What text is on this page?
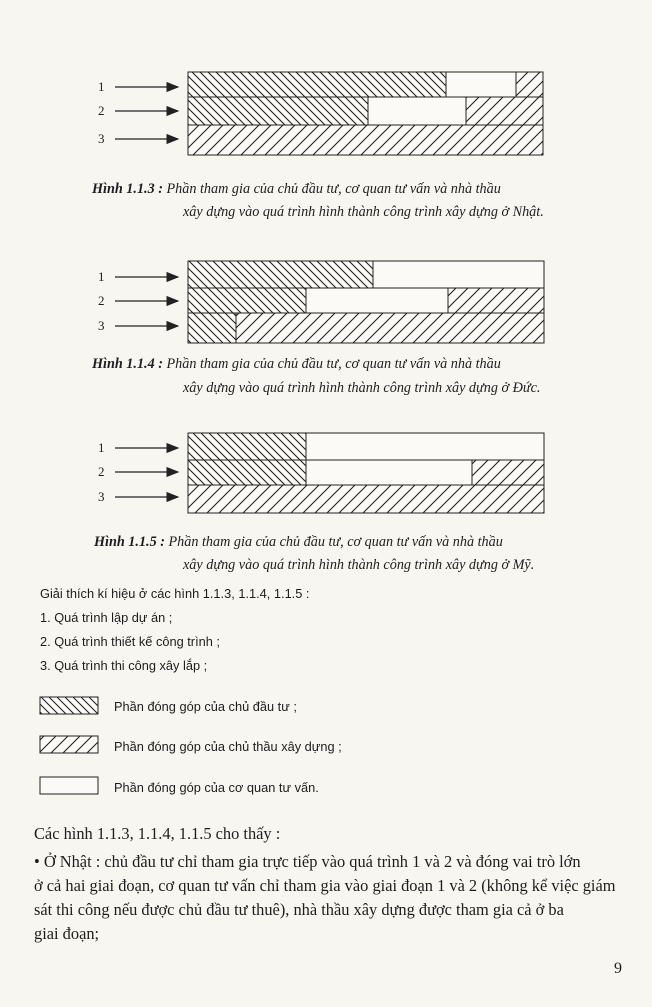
1
2
3
1
2
3
1
2
3
Hình 1.1.3 : Phần tham gia của chủ đầu tư, cơ quan tư vấn và nhà thầu
xây dựng vào quá trình hình thành công trình xây dựng ở Nhật.
Hình 1.1.4 : Phần tham gia của chủ đầu tư, cơ quan tư vấn và nhà thầu
xây dựng vào quá trình hình thành công trình xây dựng ở Đức.
Hình 1.1.5 : Phần tham gia của chủ đầu tư, cơ quan tư vấn và nhà thầu
xây dựng vào quá trình hình thành công trình xây dựng ở Mỹ.
Giải thích kí hiệu ở các hình 1.1.3, 1.1.4, 1.1.5 :
1. Quá trình lập dự án ;
2. Quá trình thiết kế công trình ;
3. Quá trình thi công xây lắp ;
Phần đóng góp của chủ đầu tư ;
Phần đóng góp của chủ thầu xây dựng ;
Phần đóng góp của cơ quan tư vấn.
Các hình 1.1.3, 1.1.4, 1.1.5 cho thấy :
• Ở Nhật : chủ đầu tư chỉ tham gia trực tiếp vào quá trình 1 và 2 và đóng vai trò lớn
ở cả hai giai đoạn, cơ quan tư vấn chỉ tham gia vào giai đoạn 1 và 2 (không kể việc giám
sát thi công nếu được chủ đầu tư thuê), nhà thầu xây dựng được tham gia cả ở ba
giai đoạn;
9
